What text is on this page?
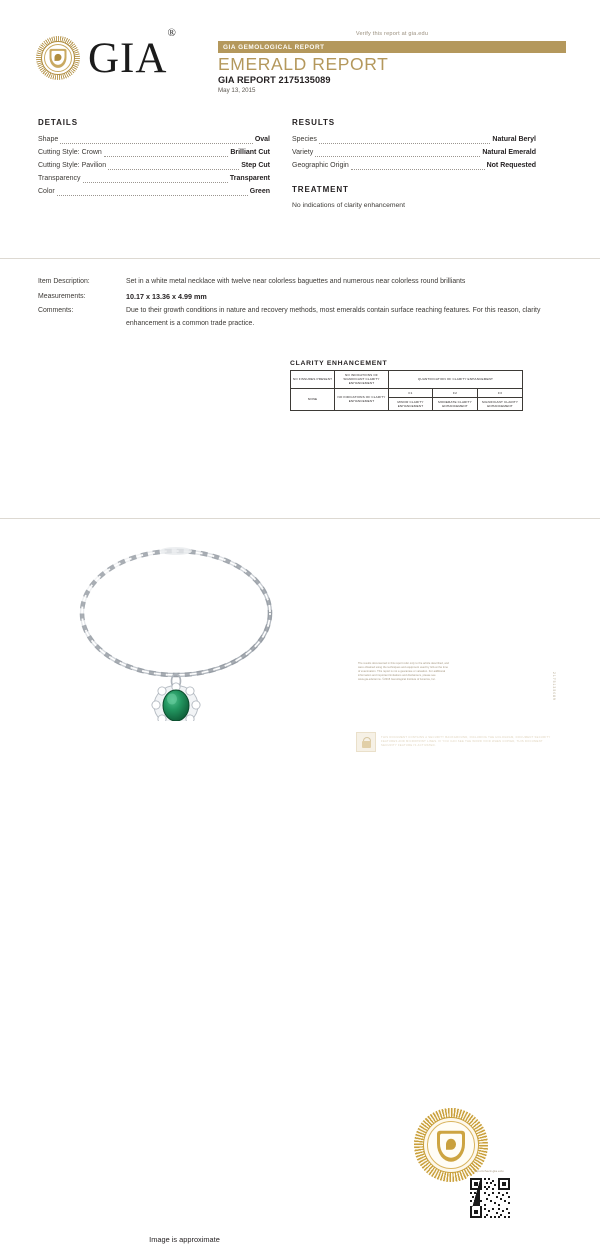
GIA®	Verify this report at gia.edu
GIA GEMOLOGICAL REPORT
EMERALD REPORT
GIA REPORT 2175135089
May 13, 2015
DETAILS
Shape	Oval
Cutting Style: Crown	Brilliant Cut
Cutting Style: Pavilion	Step Cut
Transparency	Transparent
Color	Green
RESULTS
Species	Natural Beryl
Variety	Natural Emerald
Geographic Origin	Not Requested
TREATMENT
No indications of clarity enhancement
Item Description:	Set in a white metal necklace with twelve near colorless baguettes and numerous near colorless round brilliants
Measurements:	10.17 x 13.36 x 4.99 mm
Comments:	Due to their growth conditions in nature and recovery methods, most emeralds contain surface reaching features. For this reason, clarity enhancement is a common trade practice.
CLARITY ENHANCEMENT
NO FISSURES PRESENT	NO INDICATIONS OF SIGNIFICANT CLARITY ENHANCEMENT	QUANTIFICATION OF CLARITY ENHANCEMENT		
NONE	NO INDICATIONS OF CLARITY ENHANCEMENT	F1	F2	F3
		MINOR CLARITY ENHANCEMENT	MODERATE CLARITY ENHANCEMENT	SIGNIFICANT CLARITY ENHANCEMENT
reportcheck.gia.edu
Image is approximate
The results documented in this report refer only to the article described, and were obtained using the techniques and equipment used by GIA at the time of examination. This report is not a guarantee or valuation. For additional information and important limitations and disclaimers, please see www.gia.edu/terms. ©2015 Gemological Institute of America, Inc.
THIS DOCUMENT CONTAINS A SECURITY BACKGROUND, INCLUDING THE HOLOGRAM, DOCUMENT SECURITY FEATURES AND MICROPRINT LINES. IF YOU CAN SEE THE WORD VOID WHEN COPIED, THIS DOCUMENT SECURITY FEATURE IS ACTIVATED.
2175135089
